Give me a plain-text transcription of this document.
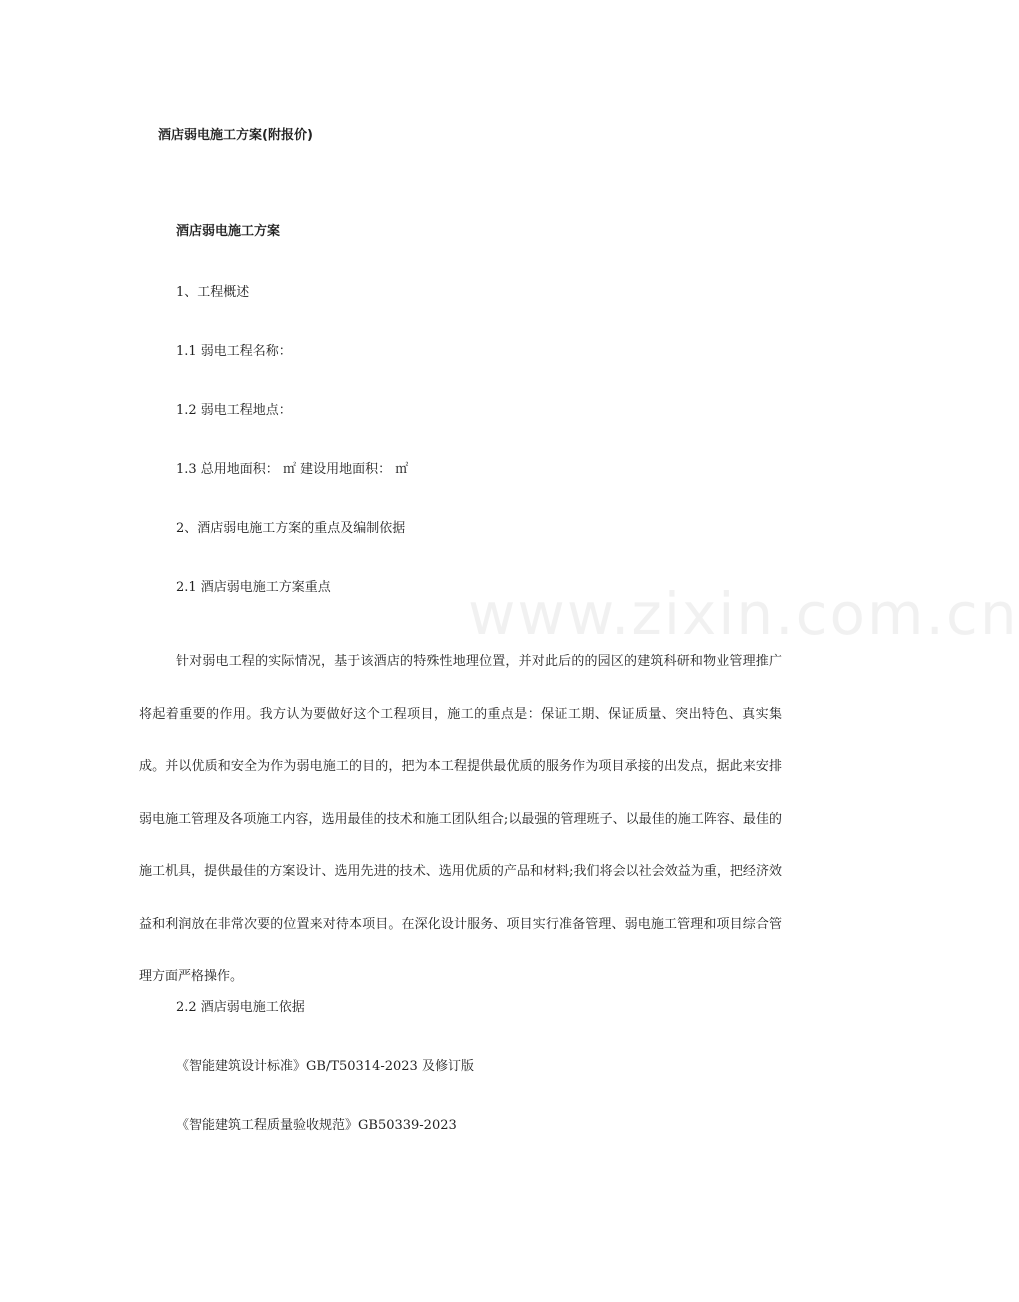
www.zixin.com.cn
酒店弱电施工方案(附报价)
酒店弱电施工方案
1、工程概述
1.1 弱电工程名称：
1.2 弱电工程地点：
1.3 总用地面积： ㎡ 建设用地面积： ㎡
2、酒店弱电施工方案的重点及编制依据
2.1 酒店弱电施工方案重点

针对弱电工程的实际情况，基于该酒店的特殊性地理位置，并对此后的的园区的建筑科研和物业管理推广将起着重要的作用。我方认为要做好这个工程项目，施工的重点是：保证工期、保证质量、突出特色、真实集成。并以优质和安全为作为弱电施工的目的，把为本工程提供最优质的服务作为项目承接的出发点，据此来安排弱电施工管理及各项施工内容，选用最佳的技术和施工团队组合;以最强的管理班子、以最佳的施工阵容、最佳的施工机具，提供最佳的方案设计、选用先进的技术、选用优质的产品和材料;我们将会以社会效益为重，把经济效益和利润放在非常次要的位置来对待本项目。在深化设计服务、项目实行准备管理、弱电施工管理和项目综合管理方面严格操作。

2.2 酒店弱电施工依据
《智能建筑设计标准》GB/T50314-2023 及修订版
《智能建筑工程质量验收规范》GB50339-2023
